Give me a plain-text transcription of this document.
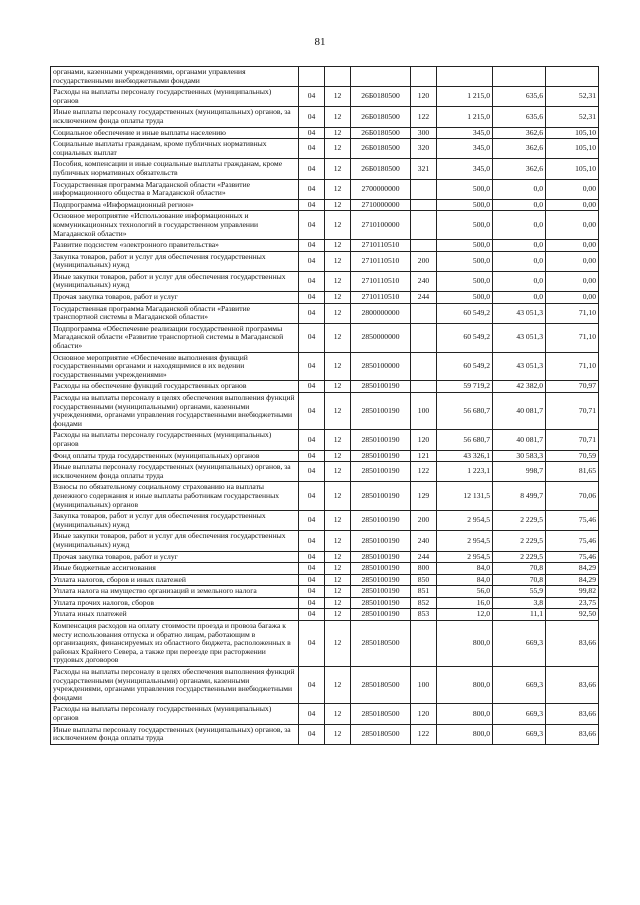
81
органами, казенными учреждениями, органами управления государственными внебюджетными фондами							
Расходы на выплаты персоналу государственных (муниципальных) органов	04	12	26Б0180500	120	1 215,0	635,6	52,31
Иные выплаты персоналу государственных (муниципальных) органов, за исключением фонда оплаты труда	04	12	26Б0180500	122	1 215,0	635,6	52,31
Социальное обеспечение и иные выплаты населению	04	12	26Б0180500	300	345,0	362,6	105,10
Социальные выплаты гражданам, кроме публичных нормативных социальных выплат	04	12	26Б0180500	320	345,0	362,6	105,10
Пособия, компенсации и иные социальные выплаты гражданам, кроме публичных нормативных обязательств	04	12	26Б0180500	321	345,0	362,6	105,10
Государственная программа Магаданской области «Развитие информационного общества в Магаданской области»	04	12	2700000000		500,0	0,0	0,00
Подпрограмма «Информационный регион»	04	12	2710000000		500,0	0,0	0,00
Основное мероприятие «Использование информационных и коммуникационных технологий в государственном управлении Магаданской области»	04	12	2710100000		500,0	0,0	0,00
Развитие подсистем «электронного правительства»	04	12	2710110510		500,0	0,0	0,00
Закупка товаров, работ и услуг для обеспечения государственных (муниципальных) нужд	04	12	2710110510	200	500,0	0,0	0,00
Иные закупки товаров, работ и услуг для обеспечения государственных (муниципальных) нужд	04	12	2710110510	240	500,0	0,0	0,00
Прочая закупка товаров, работ и услуг	04	12	2710110510	244	500,0	0,0	0,00
Государственная программа Магаданской области «Развитие транспортной системы в Магаданской области»	04	12	2800000000		60 549,2	43 051,3	71,10
Подпрограмма «Обеспечение реализации государственной программы Магаданской области «Развитие транспортной системы в Магаданской области»	04	12	2850000000		60 549,2	43 051,3	71,10
Основное мероприятие «Обеспечение выполнения функций государственными органами и находящимися в их ведении государственными учреждениями»	04	12	2850100000		60 549,2	43 051,3	71,10
Расходы на обеспечение функций государственных органов	04	12	2850100190		59 719,2	42 382,0	70,97
Расходы на выплаты персоналу в целях обеспечения выполнения функций государственными (муниципальными) органами, казенными учреждениями, органами управления государственными внебюджетными фондами	04	12	2850100190	100	56 680,7	40 081,7	70,71
Расходы на выплаты персоналу государственных (муниципальных) органов	04	12	2850100190	120	56 680,7	40 081,7	70,71
Фонд оплаты труда государственных (муниципальных) органов	04	12	2850100190	121	43 326,1	30 583,3	70,59
Иные выплаты персоналу государственных (муниципальных) органов, за исключением фонда оплаты труда	04	12	2850100190	122	1 223,1	998,7	81,65
Взносы по обязательному социальному страхованию на выплаты денежного содержания и иные выплаты работникам государственных (муниципальных) органов	04	12	2850100190	129	12 131,5	8 499,7	70,06
Закупка товаров, работ и услуг для обеспечения государственных (муниципальных) нужд	04	12	2850100190	200	2 954,5	2 229,5	75,46
Иные закупки товаров, работ и услуг для обеспечения государственных (муниципальных) нужд	04	12	2850100190	240	2 954,5	2 229,5	75,46
Прочая закупка товаров, работ и услуг	04	12	2850100190	244	2 954,5	2 229,5	75,46
Иные бюджетные ассигнования	04	12	2850100190	800	84,0	70,8	84,29
Уплата налогов, сборов и иных платежей	04	12	2850100190	850	84,0	70,8	84,29
Уплата налога на имущество организаций и земельного налога	04	12	2850100190	851	56,0	55,9	99,82
Уплата прочих налогов, сборов	04	12	2850100190	852	16,0	3,8	23,75
Уплата иных платежей	04	12	2850100190	853	12,0	11,1	92,50
Компенсация расходов на оплату стоимости проезда и провоза багажа к месту использования отпуска и обратно лицам, работающим в организациях, финансируемых из областного бюджета, расположенных в районах Крайнего Севера, а также при переезде при расторжении трудовых договоров	04	12	2850180500		800,0	669,3	83,66
Расходы на выплаты персоналу в целях обеспечения выполнения функций государственными (муниципальными) органами, казенными учреждениями, органами управления государственными внебюджетными фондами	04	12	2850180500	100	800,0	669,3	83,66
Расходы на выплаты персоналу государственных (муниципальных) органов	04	12	2850180500	120	800,0	669,3	83,66
Иные выплаты персоналу государственных (муниципальных) органов, за исключением фонда оплаты труда	04	12	2850180500	122	800,0	669,3	83,66
